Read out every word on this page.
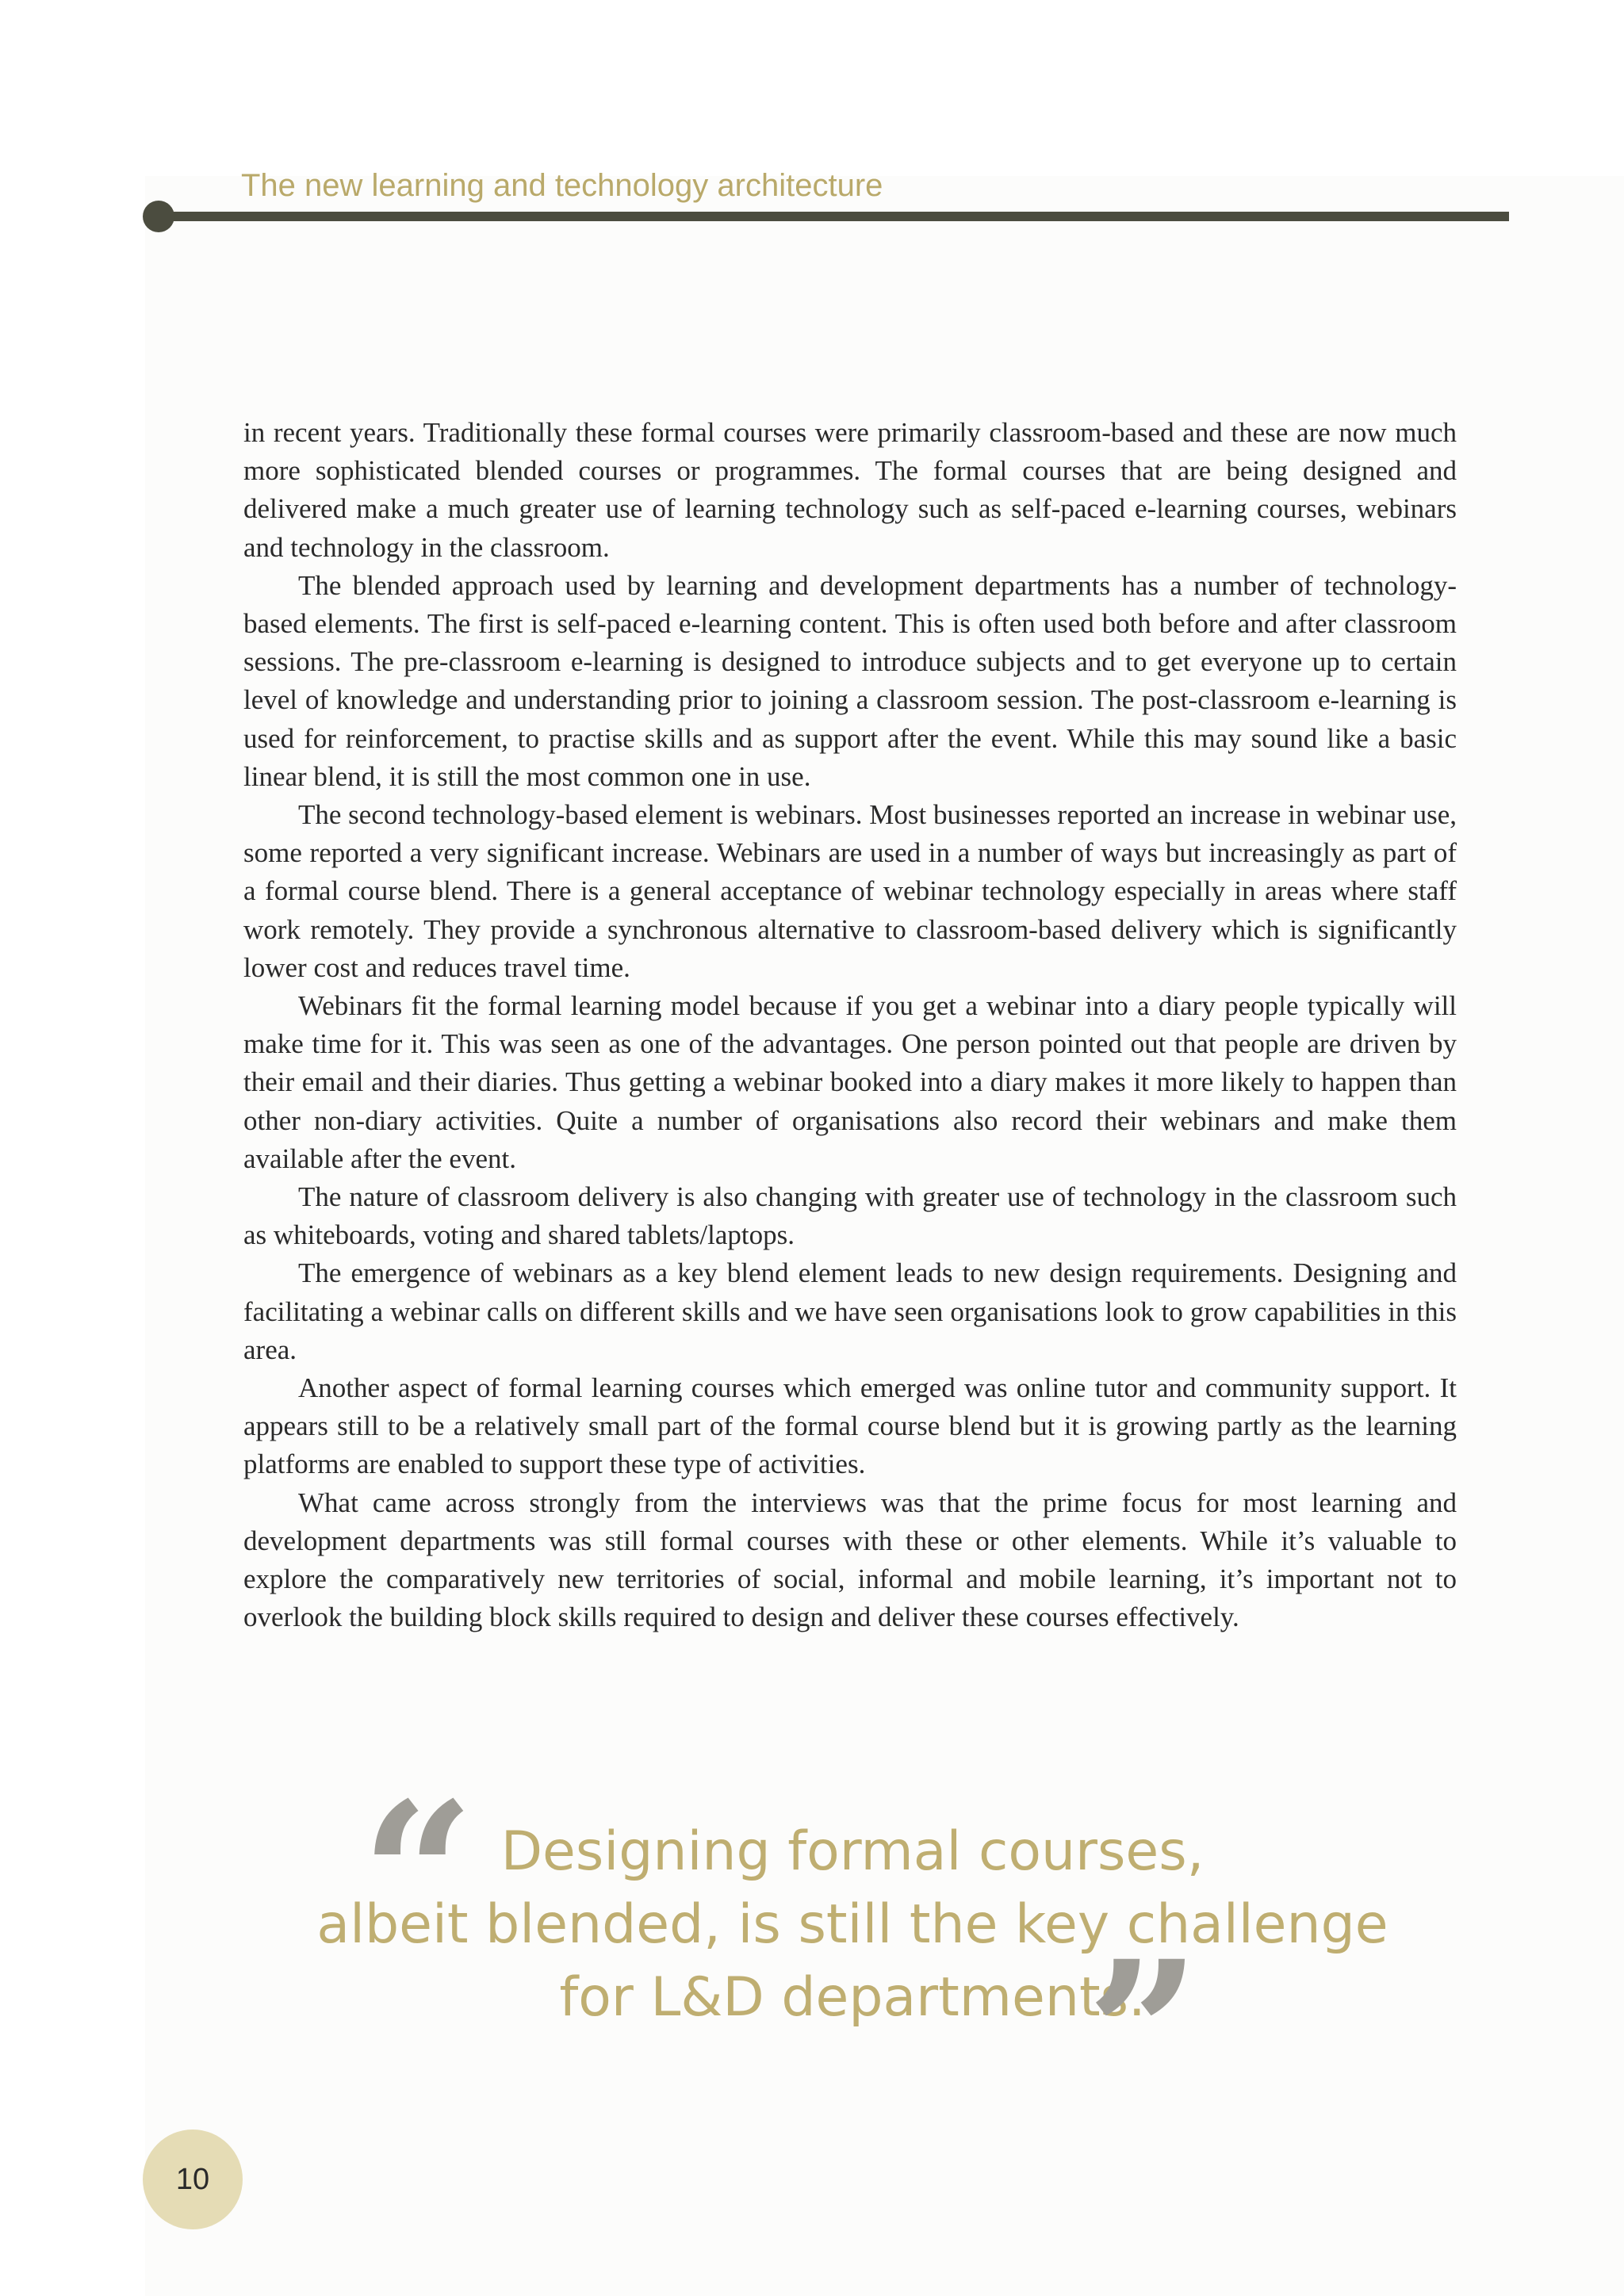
The new learning and technology architecture

in recent years. Traditionally these formal courses were primarily classroom-based and these are now much more sophisticated blended courses or programmes. The formal courses that are being designed and delivered make a much greater use of learning technology such as self-paced e-learning courses, webinars and technology in the classroom.

The blended approach used by learning and development departments has a number of technology-based elements. The first is self-paced e-learning content. This is often used both before and after classroom sessions. The pre-classroom e-learning is designed to introduce subjects and to get everyone up to certain level of knowledge and understanding prior to joining a classroom session. The post-classroom e-learning is used for reinforcement, to practise skills and as support after the event. While this may sound like a basic linear blend, it is still the most common one in use.

The second technology-based element is webinars. Most businesses reported an increase in webinar use, some reported a very significant increase. Webinars are used in a number of ways but increasingly as part of a formal course blend. There is a general acceptance of webinar technology especially in areas where staff work remotely. They provide a synchronous alternative to classroom-based delivery which is significantly lower cost and reduces travel time.

Webinars fit the formal learning model because if you get a webinar into a diary people typically will make time for it. This was seen as one of the advantages. One person pointed out that people are driven by their email and their diaries. Thus getting a webinar booked into a diary makes it more likely to happen than other non-diary activities. Quite a number of organisations also record their webinars and make them available after the event.

The nature of classroom delivery is also changing with greater use of technology in the classroom such as whiteboards, voting and shared tablets/laptops.

The emergence of webinars as a key blend element leads to new design requirements. Designing and facilitating a webinar calls on different skills and we have seen organisations look to grow capabilities in this area.

Another aspect of formal learning courses which emerged was online tutor and community support. It appears still to be a relatively small part of the formal course blend but it is growing partly as the learning platforms are enabled to support these type of activities.

What came across strongly from the interviews was that the prime focus for most learning and development departments was still formal courses with these or other elements. While it’s valuable to explore the comparatively new territories of social, informal and mobile learning, it’s important not to overlook the building block skills required to design and deliver these courses effectively.

“ Designing formal courses,
albeit blended, is still the key challenge
for L&D departments.
”
10
